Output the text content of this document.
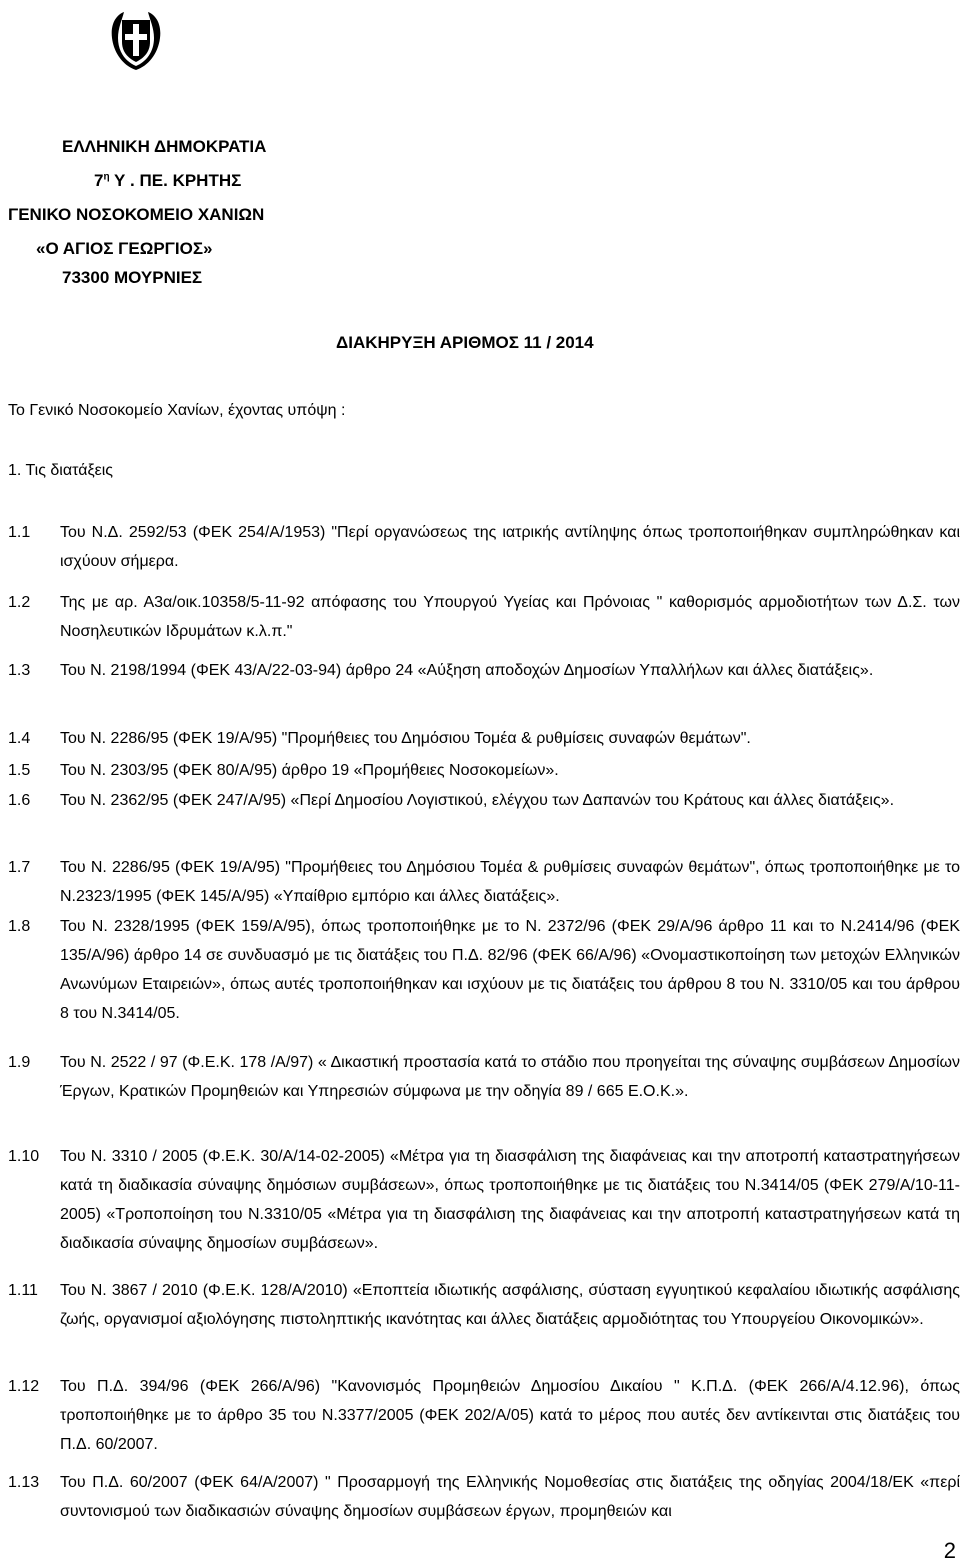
ΕΛΛΗΝΙΚΗ ΔΗΜΟΚΡΑΤΙΑ
$7^\eta$ Υ . ΠΕ. ΚΡΗΤΗΣ
ΓΕΝΙΚΟ ΝΟΣΟΚΟΜΕΙΟ ΧΑΝΙΩΝ
«Ο ΑΓΙΟΣ ΓΕΩΡΓΙΟΣ»
73300 ΜΟΥΡΝΙΕΣ
ΔΙΑΚΗΡΥΞΗ ΑΡΙΘΜΟΣ 11 / 2014
Το Γενικό Νοσοκομείο Χανίων, έχοντας υπόψη :
1. Τις διατάξεις
1.1 Του Ν.Δ. 2592/53 (ΦΕΚ 254/Α/1953) "Περί οργανώσεως της ιατρικής αντίληψης όπως τροποποιήθηκαν συμπληρώθηκαν και ισχύουν σήμερα.
1.2 Της με αρ. Α3α/οικ.10358/5-11-92 απόφασης του Υπουργού Υγείας και Πρόνοιας " καθορισμός αρμοδιοτήτων των Δ.Σ. των Νοσηλευτικών Ιδρυμάτων κ.λ.π."
1.3 Του Ν. 2198/1994 (ΦΕΚ 43/Α/22-03-94) άρθρο 24 «Αύξηση αποδοχών Δημοσίων Υπαλλήλων και άλλες διατάξεις».
1.4 Του Ν. 2286/95 (ΦΕΚ 19/Α/95) "Προμήθειες του Δημόσιου Τομέα & ρυθμίσεις συναφών θεμάτων".
1.5 Του Ν. 2303/95 (ΦΕΚ 80/Α/95) άρθρο 19 «Προμήθειες Νοσοκομείων».
1.6 Του Ν. 2362/95 (ΦΕΚ 247/Α/95) «Περί Δημοσίου Λογιστικού, ελέγχου των Δαπανών του Κράτους και άλλες διατάξεις».
1.7 Του Ν. 2286/95 (ΦΕΚ 19/Α/95) "Προμήθειες του Δημόσιου Τομέα & ρυθμίσεις συναφών θεμάτων", όπως τροποποιήθηκε με το Ν.2323/1995 (ΦΕΚ 145/Α/95) «Υπαίθριο εμπόριο και άλλες διατάξεις».
1.8 Του Ν. 2328/1995 (ΦΕΚ 159/Α/95), όπως τροποποιήθηκε με το Ν. 2372/96 (ΦΕΚ 29/Α/96 άρθρο 11 και το Ν.2414/96 (ΦΕΚ 135/Α/96) άρθρο 14 σε συνδυασμό με τις διατάξεις του Π.Δ. 82/96 (ΦΕΚ 66/Α/96) «Ονομαστικοποίηση των μετοχών Ελληνικών Ανωνύμων Εταιρειών», όπως αυτές τροποποιήθηκαν και ισχύουν με τις διατάξεις του άρθρου 8 του Ν. 3310/05 και του άρθρου 8 του Ν.3414/05.
1.9 Του Ν. 2522 / 97 (Φ.Ε.Κ. 178 /Α/97) « Δικαστική προστασία κατά το στάδιο που προηγείται της σύναψης συμβάσεων Δημοσίων Έργων, Κρατικών Προμηθειών και Υπηρεσιών σύμφωνα με την οδηγία 89 / 665 Ε.Ο.Κ.».
1.10 Του Ν. 3310 / 2005 (Φ.Ε.Κ. 30/Α/14-02-2005) «Μέτρα για τη διασφάλιση της διαφάνειας και την αποτροπή καταστρατηγήσεων κατά τη διαδικασία σύναψης δημόσιων συμβάσεων», όπως τροποποιήθηκε με τις διατάξεις του Ν.3414/05 (ΦΕΚ 279/Α/10-11-2005) «Τροποποίηση του Ν.3310/05 «Μέτρα για τη διασφάλιση της διαφάνειας και την αποτροπή καταστρατηγήσεων κατά τη διαδικασία σύναψης δημοσίων συμβάσεων».
1.11 Του Ν. 3867 / 2010 (Φ.Ε.Κ. 128/Α/2010) «Εποπτεία ιδιωτικής ασφάλισης, σύσταση εγγυητικού κεφαλαίου ιδιωτικής ασφάλισης ζωής, οργανισμοί αξιολόγησης πιστοληπτικής ικανότητας και άλλες διατάξεις αρμοδιότητας του Υπουργείου Οικονομικών».
1.12 Του Π.Δ. 394/96 (ΦΕΚ 266/Α/96) "Κανονισμός Προμηθειών Δημοσίου Δικαίου " Κ.Π.Δ. (ΦΕΚ 266/Α/4.12.96), όπως τροποποιήθηκε με το άρθρο 35 του Ν.3377/2005 (ΦΕΚ 202/Α/05) κατά το μέρος που αυτές δεν αντίκεινται στις διατάξεις του Π.Δ. 60/2007.
1.13 Του Π.Δ. 60/2007 (ΦΕΚ 64/Α/2007) " Προσαρμογή της Ελληνικής Νομοθεσίας στις διατάξεις της οδηγίας 2004/18/ΕΚ «περί συντονισμού των διαδικασιών σύναψης δημοσίων συμβάσεων έργων, προμηθειών και
2
